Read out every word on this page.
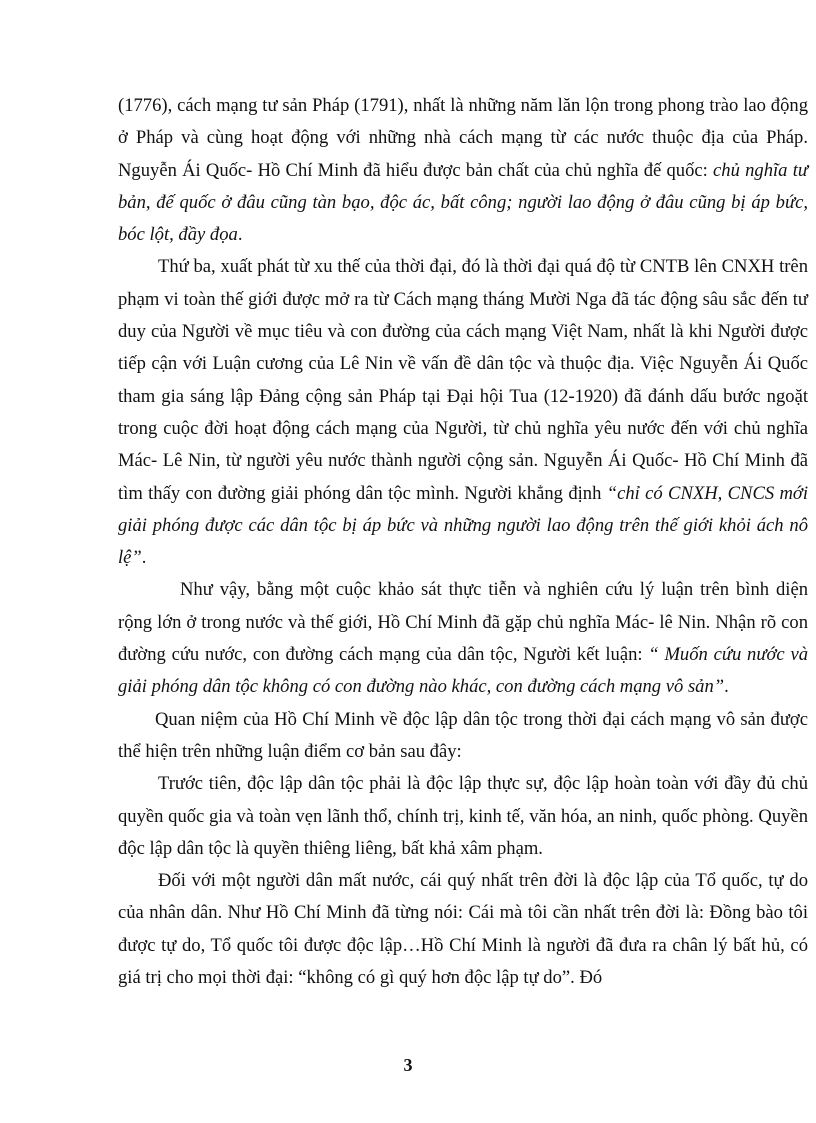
(1776), cách mạng tư sản Pháp (1791), nhất là những năm lăn lộn trong phong trào lao động ở Pháp và cùng hoạt động với những nhà cách mạng từ các nước thuộc địa của Pháp. Nguyễn Ái Quốc- Hồ Chí Minh đã hiểu được bản chất của chủ nghĩa đế quốc: chủ nghĩa tư bản, đế quốc ở đâu cũng tàn bạo, độc ác, bất công; người lao động ở đâu cũng bị áp bức, bóc lột, đầy đọa.

Thứ ba, xuất phát từ xu thế của thời đại, đó là thời đại quá độ từ CNTB lên CNXH trên phạm vi toàn thế giới được mở ra từ Cách mạng tháng Mười Nga đã tác động sâu sắc đến tư duy của Người về mục tiêu và con đường của cách mạng Việt Nam, nhất là khi Người được tiếp cận với Luận cương của Lê Nin về vấn đề dân tộc và thuộc địa. Việc Nguyễn Ái Quốc tham gia sáng lập Đảng cộng sản Pháp tại Đại hội Tua (12-1920) đã đánh dấu bước ngoặt trong cuộc đời hoạt động cách mạng của Người, từ chủ nghĩa yêu nước đến với chủ nghĩa Mác- Lê Nin, từ người yêu nước thành người cộng sản. Nguyễn Ái Quốc- Hồ Chí Minh đã tìm thấy con đường giải phóng dân tộc mình. Người khẳng định “chỉ có CNXH, CNCS mới giải phóng được các dân tộc bị áp bức và những người lao động trên thế giới khỏi ách nô lệ”.

Như vậy, bằng một cuộc khảo sát thực tiễn và nghiên cứu lý luận trên bình diện rộng lớn ở trong nước và thế giới, Hồ Chí Minh đã gặp chủ nghĩa Mác- lê Nin. Nhận rõ con đường cứu nước, con đường cách mạng của dân tộc, Người kết luận: “ Muốn cứu nước và giải phóng dân tộc không có con đường nào khác, con đường cách mạng vô sản”.

Quan niệm của Hồ Chí Minh về độc lập dân tộc trong thời đại cách mạng vô sản được thể hiện trên những luận điểm cơ bản sau đây:

Trước tiên, độc lập dân tộc phải là độc lập thực sự, độc lập hoàn toàn với đầy đủ chủ quyền quốc gia và toàn vẹn lãnh thổ, chính trị, kinh tế, văn hóa, an ninh, quốc phòng. Quyền độc lập dân tộc là quyền thiêng liêng, bất khả xâm phạm.

Đối với một người dân mất nước, cái quý nhất trên đời là độc lập của Tổ quốc, tự do của nhân dân. Như Hồ Chí Minh đã từng nói: Cái mà tôi cần nhất trên đời là: Đồng bào tôi được tự do, Tổ quốc tôi được độc lập…Hồ Chí Minh là người đã đưa ra chân lý bất hủ, có giá trị cho mọi thời đại: “không có gì quý hơn độc lập tự do”. Đó

3
